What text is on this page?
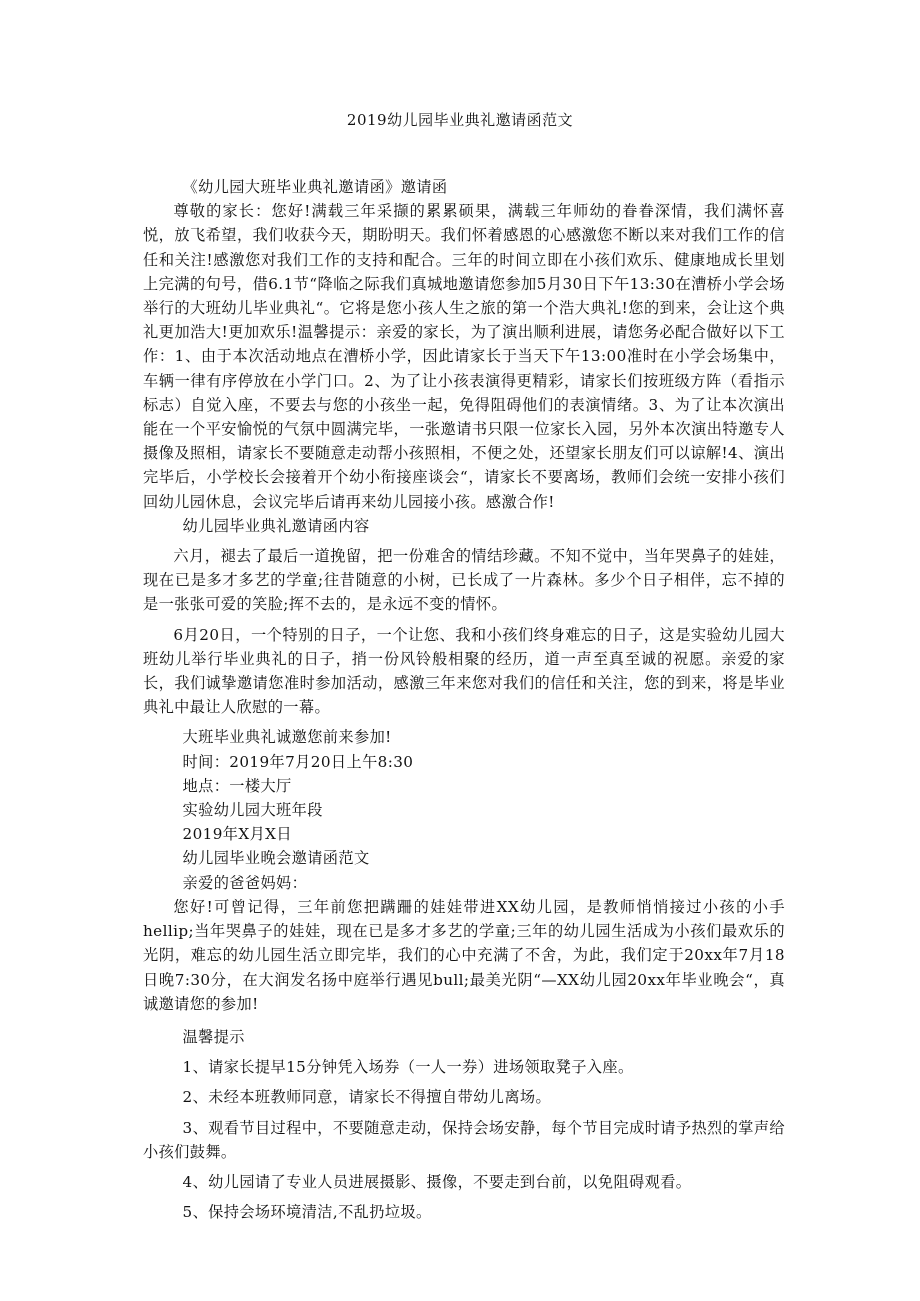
2019幼儿园毕业典礼邀请函范文

《幼儿园大班毕业典礼邀请函》邀请函

尊敬的家长：您好!满载三年采撷的累累硕果，满载三年师幼的眷眷深情，我们满怀喜悦，放飞希望，我们收获今天，期盼明天。我们怀着感恩的心感激您不断以来对我们工作的信任和关注!感激您对我们工作的支持和配合。三年的时间立即在小孩们欢乐、健康地成长里划上完满的句号，借6.1节“降临之际我们真城地邀请您参加5月30日下午13:30在漕桥小学会场举行的大班幼儿毕业典礼“。它将是您小孩人生之旅的第一个浩大典礼!您的到来，会让这个典礼更加浩大!更加欢乐!温馨提示：亲爱的家长，为了演出顺利进展，请您务必配合做好以下工作：1、由于本次活动地点在漕桥小学，因此请家长于当天下午13:00准时在小学会场集中，车辆一律有序停放在小学门口。2、为了让小孩表演得更精彩，请家长们按班级方阵（看指示标志）自觉入座，不要去与您的小孩坐一起，免得阻碍他们的表演情绪。3、为了让本次演出能在一个平安愉悦的气氛中圆满完毕，一张邀请书只限一位家长入园，另外本次演出特邀专人摄像及照相，请家长不要随意走动帮小孩照相，不便之处，还望家长朋友们可以谅解!4、演出完毕后，小学校长会接着开个幼小衔接座谈会“，请家长不要离场，教师们会统一安排小孩们回幼儿园休息，会议完毕后请再来幼儿园接小孩。感激合作!

幼儿园毕业典礼邀请函内容

六月，褪去了最后一道挽留，把一份难舍的情结珍藏。不知不觉中，当年哭鼻子的娃娃，现在已是多才多艺的学童;往昔随意的小树，已长成了一片森林。多少个日子相伴，忘不掉的是一张张可爱的笑脸;挥不去的，是永远不变的情怀。

6月20日，一个特别的日子，一个让您、我和小孩们终身难忘的日子，这是实验幼儿园大班幼儿举行毕业典礼的日子，捎一份风铃般相聚的经历，道一声至真至诚的祝愿。亲爱的家长，我们诚挚邀请您准时参加活动，感激三年来您对我们的信任和关注，您的到来，将是毕业典礼中最让人欣慰的一幕。

大班毕业典礼诚邀您前来参加!

时间：2019年7月20日上午8:30

地点：一楼大厅

实验幼儿园大班年段

2019年X月X日

幼儿园毕业晚会邀请函范文

亲爱的爸爸妈妈：

您好!可曾记得，三年前您把蹒跚的娃娃带进XX幼儿园，是教师悄悄接过小孩的小手hellip;当年哭鼻子的娃娃，现在已是多才多艺的学童;三年的幼儿园生活成为小孩们最欢乐的光阴，难忘的幼儿园生活立即完毕，我们的心中充满了不舍，为此，我们定于20xx年7月18日晚7:30分，在大润发名扬中庭举行遇见bull;最美光阴“—XX幼儿园20xx年毕业晚会“，真诚邀请您的参加!

温馨提示

1、请家长提早15分钟凭入场券（一人一券）进场领取凳子入座。

2、未经本班教师同意，请家长不得擅自带幼儿离场。

3、观看节目过程中，不要随意走动，保持会场安静，每个节目完成时请予热烈的掌声给小孩们鼓舞。

4、幼儿园请了专业人员进展摄影、摄像，不要走到台前，以免阻碍观看。

5、保持会场环境清洁,不乱扔垃圾。
